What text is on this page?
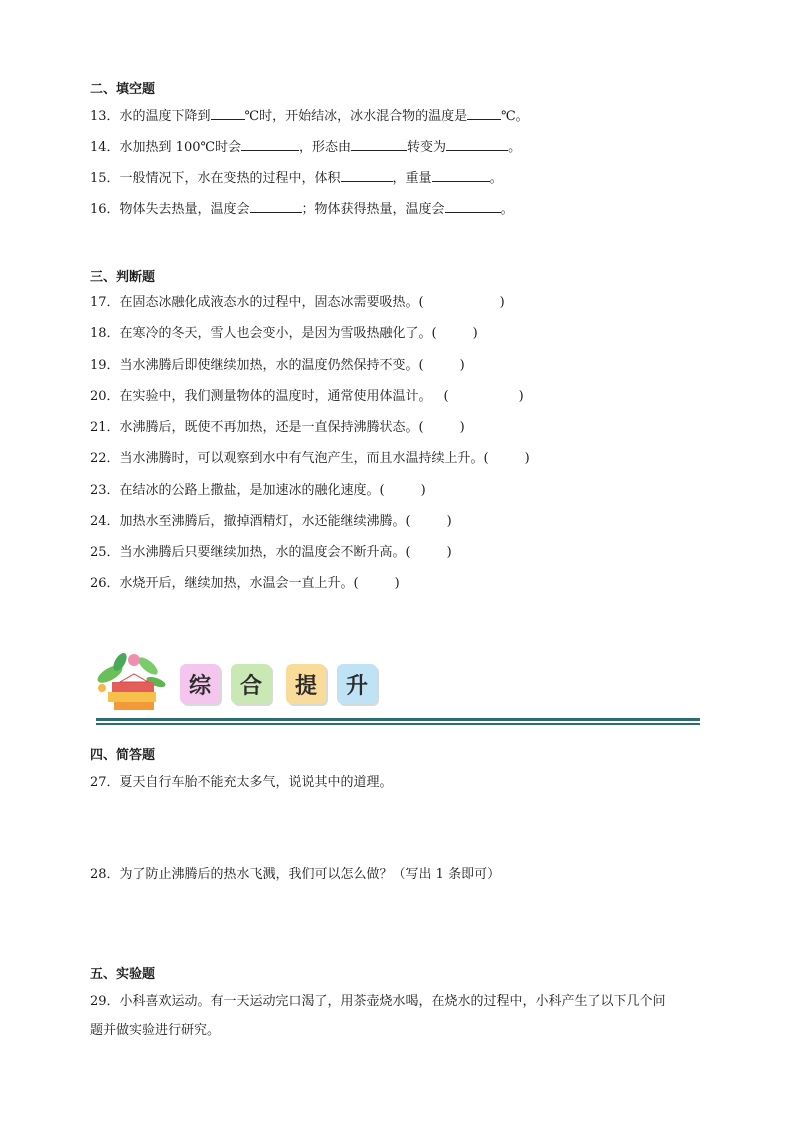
二、填空题
13．水的温度下降到	℃时，开始结冰，冰水混合物的温度是	℃。
14．水加热到 100℃时会	，形态由	转变为	。
15．一般情况下，水在变热的过程中，体积	，重量	。
16．物体失去热量，温度会	；物体获得热量，温度会	。
三、判断题
17．在固态冰融化成液态水的过程中，固态冰需要吸热。(	)
18．在寒冷的冬天，雪人也会变小，是因为雪吸热融化了。(	)
19．当水沸腾后即使继续加热，水的温度仍然保持不变。(	)
20．在实验中，我们测量物体的温度时，通常使用体温计。 (	)
21．水沸腾后，既使不再加热，还是一直保持沸腾状态。(	)
22．当水沸腾时，可以观察到水中有气泡产生，而且水温持续上升。(	)
23．在结冰的公路上撒盐，是加速冰的融化速度。(	)
24．加热水至沸腾后，撤掉酒精灯，水还能继续沸腾。(	)
25．当水沸腾后只要继续加热，水的温度会不断升高。(	)
26．水烧开后，继续加热，水温会一直上升。(	)
综	合	提	升
四、简答题
27．夏天自行车胎不能充太多气，说说其中的道理。
28．为了防止沸腾后的热水飞溅，我们可以怎么做？（写出 1 条即可）
五、实验题
29．小科喜欢运动。有一天运动完口渴了，用茶壶烧水喝，在烧水的过程中，小科产生了以下几个问
题并做实验进行研究。
